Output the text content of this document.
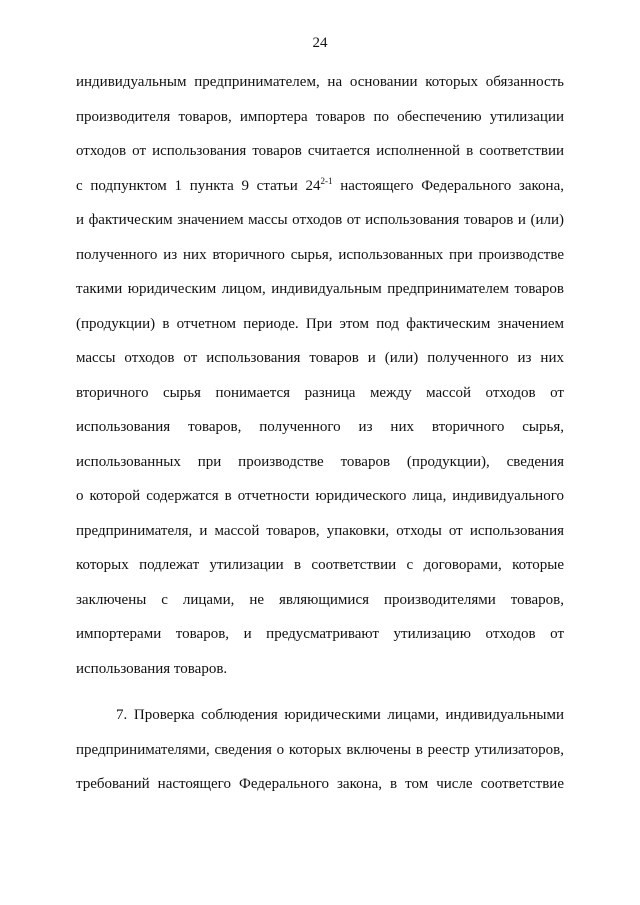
24
индивидуальным предпринимателем, на основании которых обязанность
производителя товаров, импортера товаров по обеспечению утилизации
отходов от использования товаров считается исполненной в соответствии
с подпунктом 1 пункта 9 статьи 24$^{2-1}$ настоящего Федерального закона,
и фактическим значением массы отходов от использования товаров и (или)
полученного из них вторичного сырья, использованных при производстве
такими юридическим лицом, индивидуальным предпринимателем товаров
(продукции) в отчетном периоде. При этом под фактическим значением
массы отходов от использования товаров и (или) полученного из них
вторичного сырья понимается разница между массой отходов от
использования товаров, полученного из них вторичного сырья,
использованных при производстве товаров (продукции), сведения
о которой содержатся в отчетности юридического лица, индивидуального
предпринимателя, и массой товаров, упаковки, отходы от использования
которых подлежат утилизации в соответствии с договорами, которые
заключены с лицами, не являющимися производителями товаров,
импортерами товаров, и предусматривают утилизацию отходов от
использования товаров.
7. Проверка соблюдения юридическими лицами, индивидуальными
предпринимателями, сведения о которых включены в реестр утилизаторов,
требований настоящего Федерального закона, в том числе соответствие
